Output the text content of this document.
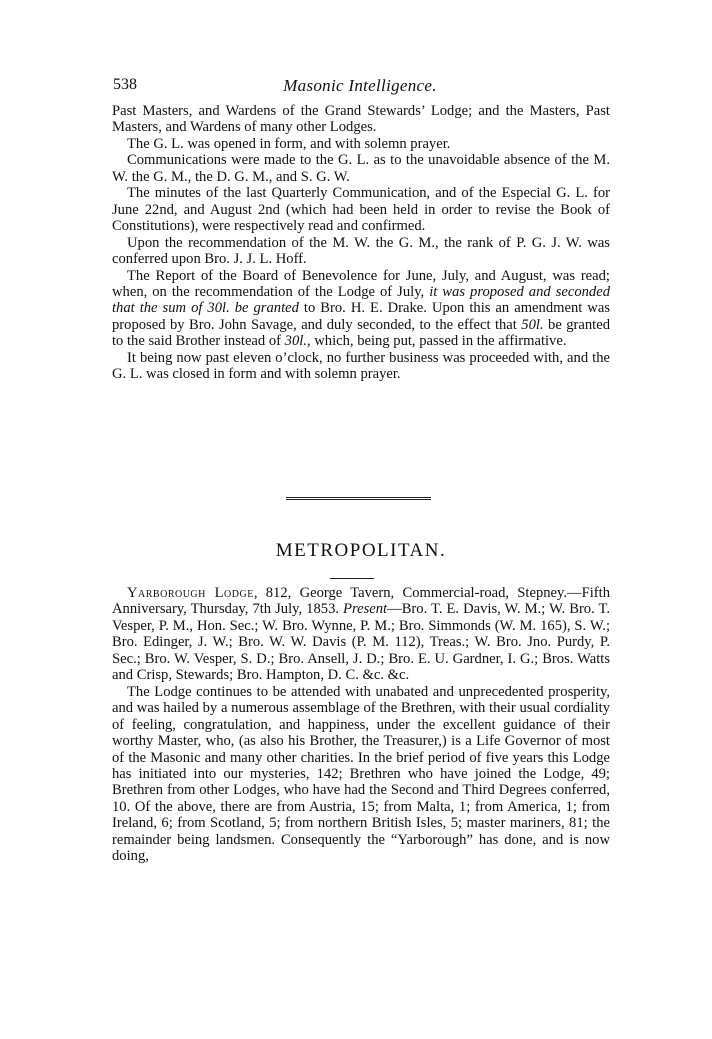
538	Masonic Intelligence.

Past Masters, and Wardens of the Grand Stewards’ Lodge; and the Masters, Past Masters, and Wardens of many other Lodges.

The G. L. was opened in form, and with solemn prayer.

Communications were made to the G. L. as to the unavoidable absence of the M. W. the G. M., the D. G. M., and S. G. W.

The minutes of the last Quarterly Communication, and of the Especial G. L. for June 22nd, and August 2nd (which had been held in order to revise the Book of Constitutions), were respectively read and confirmed.

Upon the recommendation of the M. W. the G. M., the rank of P. G. J. W. was conferred upon Bro. J. J. L. Hoff.

The Report of the Board of Benevolence for June, July, and August, was read; when, on the recommendation of the Lodge of July, it was proposed and seconded that the sum of 30l. be granted to Bro. H. E. Drake. Upon this an amendment was proposed by Bro. John Savage, and duly seconded, to the effect that 50l. be granted to the said Brother instead of 30l., which, being put, passed in the affirmative.

It being now past eleven o’clock, no further business was proceeded with, and the G. L. was closed in form and with solemn prayer.

METROPOLITAN.

Yarborough Lodge, 812, George Tavern, Commercial-road, Stepney.—Fifth Anniversary, Thursday, 7th July, 1853. Present—Bro. T. E. Davis, W. M.; W. Bro. T. Vesper, P. M., Hon. Sec.; W. Bro. Wynne, P. M.; Bro. Simmonds (W. M. 165), S. W.; Bro. Edinger, J. W.; Bro. W. W. Davis (P. M. 112), Treas.; W. Bro. Jno. Purdy, P. Sec.; Bro. W. Vesper, S. D.; Bro. Ansell, J. D.; Bro. E. U. Gardner, I. G.; Bros. Watts and Crisp, Stewards; Bro. Hampton, D. C. &c. &c.

The Lodge continues to be attended with unabated and unprecedented prosperity, and was hailed by a numerous assemblage of the Brethren, with their usual cordiality of feeling, congratulation, and happiness, under the excellent guidance of their worthy Master, who, (as also his Brother, the Treasurer,) is a Life Governor of most of the Masonic and many other charities. In the brief period of five years this Lodge has initiated into our mysteries, 142; Brethren who have joined the Lodge, 49; Brethren from other Lodges, who have had the Second and Third Degrees conferred, 10. Of the above, there are from Austria, 15; from Malta, 1; from America, 1; from Ireland, 6; from Scotland, 5; from northern British Isles, 5; master mariners, 81; the remainder being landsmen. Consequently the “Yarborough” has done, and is now doing,
